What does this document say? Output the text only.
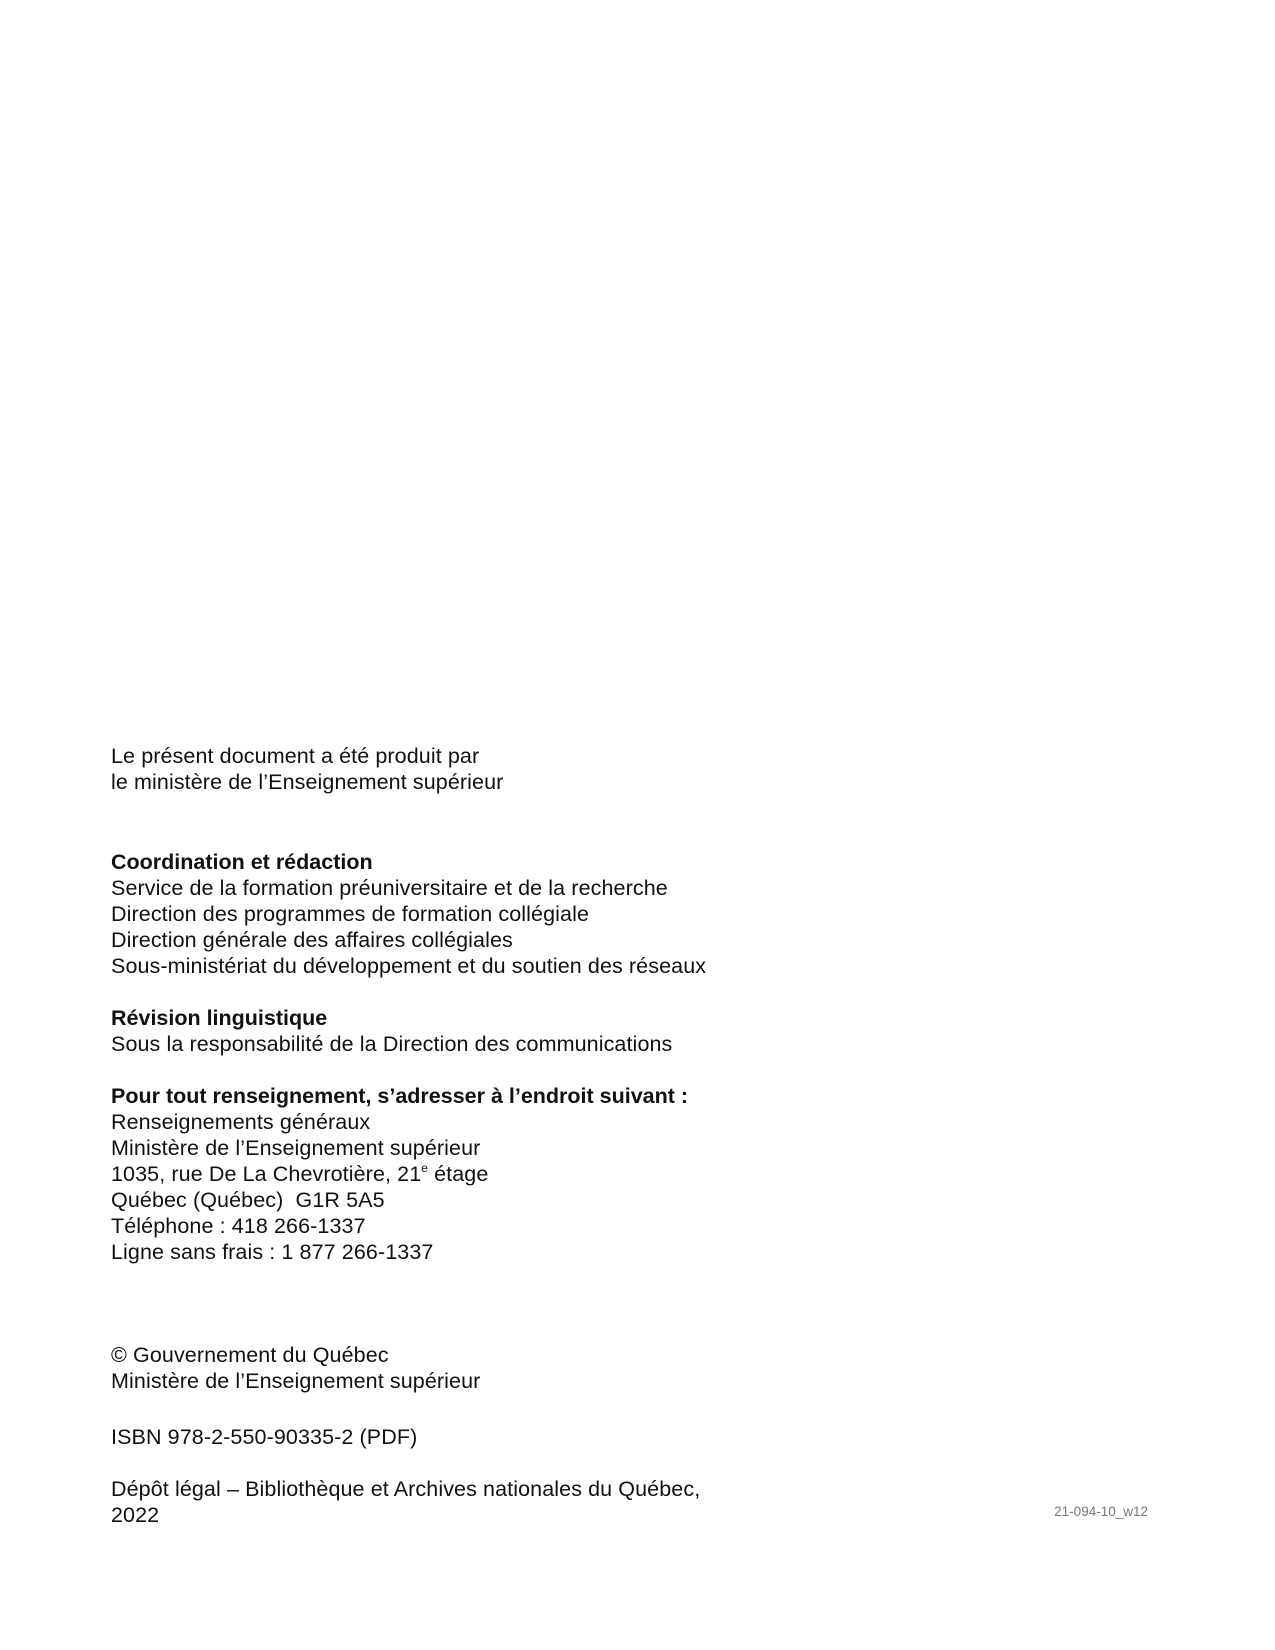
Le présent document a été produit par
le ministère de l’Enseignement supérieur
Coordination et rédaction
Service de la formation préuniversitaire et de la recherche
Direction des programmes de formation collégiale
Direction générale des affaires collégiales
Sous-ministériat du développement et du soutien des réseaux
Révision linguistique
Sous la responsabilité de la Direction des communications
Pour tout renseignement, s’adresser à l’endroit suivant :
Renseignements généraux
Ministère de l’Enseignement supérieur
1035, rue De La Chevrotière, 21e étage
Québec (Québec)  G1R 5A5
Téléphone : 418 266-1337
Ligne sans frais : 1 877 266-1337
© Gouvernement du Québec
Ministère de l’Enseignement supérieur
ISBN 978-2-550-90335-2 (PDF)
Dépôt légal – Bibliothèque et Archives nationales du Québec,
2022	21-094-10_w12
